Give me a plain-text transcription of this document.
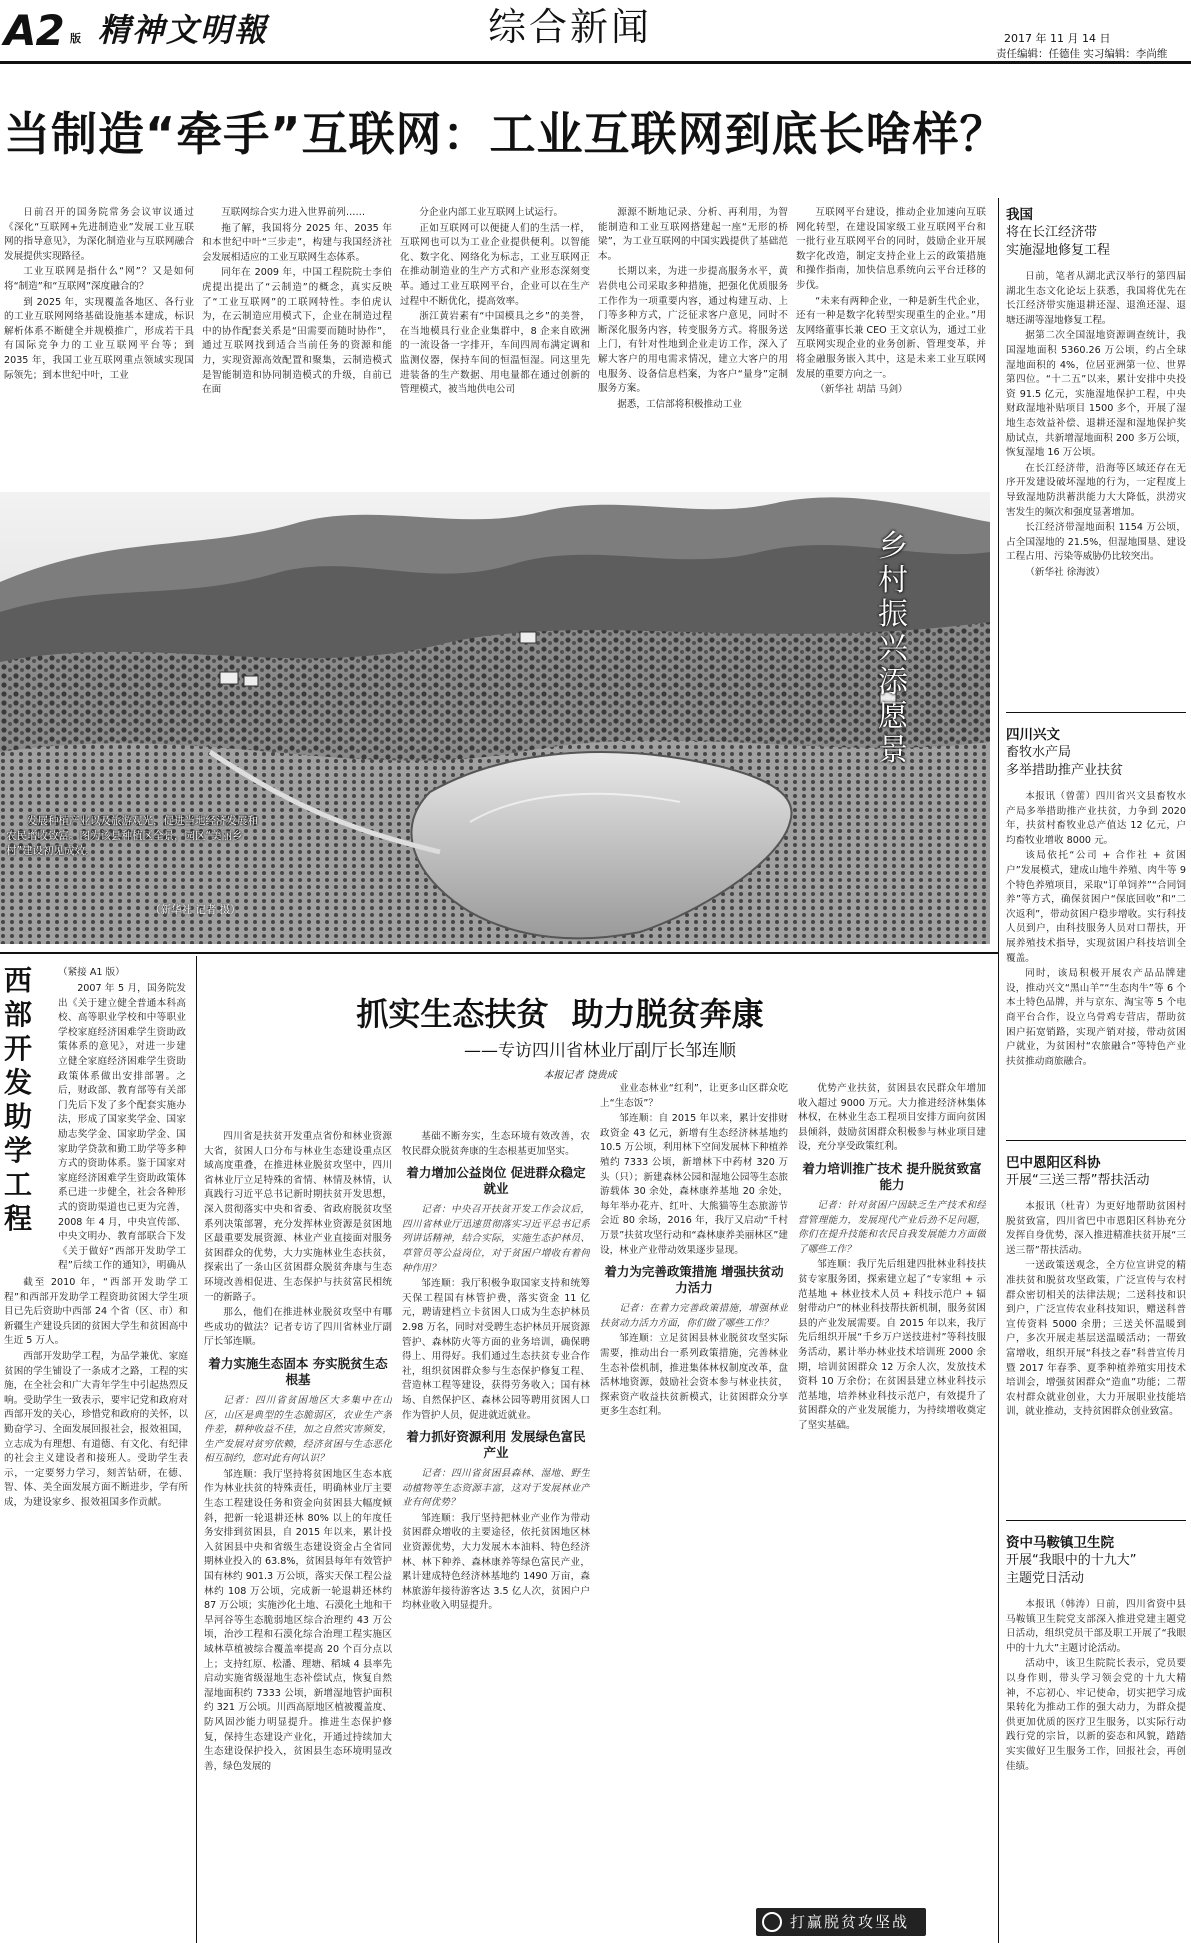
A2 版 精神文明報	综合新闻	2017 年 11 月 14 日
责任编辑：任德佳 实习编辑：李尚维
当制造“牵手”互联网：工业互联网到底长啥样？

日前召开的国务院常务会议审议通过《深化“互联网+先进制造业”发展工业互联网的指导意见》，为深化制造业与互联网融合发展提供实现路径。

工业互联网是指什么“网”？又是如何将“制造”和“互联网”深度融合的？

到 2025 年，实现覆盖各地区、各行业的工业互联网网络基础设施基本建成，标识解析体系不断健全并规模推广，形成若干具有国际竞争力的工业互联网平台等；到 2035 年，我国工业互联网重点领域实现国际领先；到本世纪中叶，工业

互联网综合实力进入世界前列……

拖了解，我国将分 2025 年、2035 年和本世纪中叶“三步走”，构建与我国经济社会发展相适应的工业互联网生态体系。

同年在 2009 年，中国工程院院士李伯虎提出提出了“云制造”的概念，真实反映了“工业互联网”的工联网特性。李伯虎认为，在云制造应用模式下，企业在制造过程中的协作配套关系是“田需要而随时协作”，通过互联网找到适合当前任务的资源和能力，实现资源高效配置和聚集，云制造模式是智能制造和协同制造模式的升级，自前已在面

分企业内部工业互联网上试运行。

正如互联网可以便捷人们的生活一样，互联网也可以为工业企业提供便利。以智能化、数字化、网络化为标志，工业互联网正在推动制造业的生产方式和产业形态深刻变革。通过工业互联网平台，企业可以在生产过程中不断优化，提高效率。

浙江黄岩素有“中国模具之乡”的美誉，在当地模具行业企业集群中，8 企来自欧洲的一流设备一字排开，车间四周布满定调和监测仪器，保持车间的恒温恒湿。同这里先进装备的生产数据、用电量都在通过创新的管理模式，被当地供电公司

源源不断地记录、分析、再利用，为智能制造和工业互联网搭建起一座“无形的桥梁”，为工业互联网的中国实践提供了基础范本。

长期以来，为进一步提高服务水平，黄岩供电公司采取多种措施，把强化优质服务工作作为一项重要内容，通过构建互动、上门等多种方式，广泛征求客户意见，同时不断深化服务内容，转变服务方式。将服务送上门，有针对性地到企业走访工作，深入了解大客户的用电需求情况，建立大客户的用电服务、设备信息档案，为客户“量身”定制服务方案。

据悉，工信部将积极推动工业

互联网平台建设，推动企业加速向互联网化转型，在建设国家级工业互联网平台和一批行业互联网平台的同时，鼓励企业开展数字化改造，制定支持企业上云的政策措施和操作指南，加快信息系统向云平台迁移的步伐。

“未来有两种企业，一种是新生代企业，还有一种是数字化转型实现重生的企业。”用友网络董事长兼 CEO 王文京认为，通过工业互联网实现企业的业务创新、管理变革，并将金融服务嵌入其中，这是未来工业互联网发展的重要方向之一。

（新华社 胡喆 马剑）

乡村振兴添愿景
发展种植产业以及旅游观光，促进当地经济发展和农民增收致富。图为该县种植区全景，园区“美丽乡村”建设初见成效。
（新华社 记者 摄）
西部开发助学工程
（紧接 A1 版）

2007 年 5 月，国务院发出《关于建立健全普通本科高校、高等职业学校和中等职业学校家庭经济困难学生资助政策体系的意见》，对进一步建立健全家庭经济困难学生资助政策体系做出安排部署。之后，财政部、教育部等有关部门先后下发了多个配套实施办法，形成了国家奖学金、国家励志奖学金、国家助学金、国家助学贷款和勤工助学等多种方式的资助体系。鉴于国家对家庭经济困难学生资助政策体系已进一步健全，社会各种形式的资助渠道也已更为完善，2008 年 4 月，中央宣传部、中央文明办、教育部联合下发《关于做好“西部开发助学工程”后续工作的通知》，明确从

截至 2010 年，“西部开发助学工程”和西部开发助学工程资助贫困大学生项目已先后资助中西部 24 个省（区、市）和新疆生产建设兵团的贫困大学生和贫困高中生近 5 万人。

西部开发助学工程，为品学兼优、家庭贫困的学生铺设了一条成才之路，工程的实施，在全社会和广大青年学生中引起热烈反响。受助学生一致表示，要牢记党和政府对西部开发的关心，珍惜党和政府的关怀，以勤奋学习、全面发展回报社会，报效祖国，立志成为有理想、有道德、有文化、有纪律的社会主义建设者和接班人。受助学生表示，一定要努力学习，刻苦钻研，在德、智、体、美全面发展方面不断进步，学有所成，为建设家乡、报效祖国多作贡献。

抓实生态扶贫 助力脱贫奔康
——专访四川省林业厅副厅长邹连顺
本报记者 饶贵成

四川省是扶贫开发重点省份和林业资源大省，贫困人口分布与林业生态建设重点区域高度重叠，在推进林业脱贫攻坚中，四川省林业厅立足特殊的省情、林情及林情，认真践行习近平总书记新时期扶贫开发思想，深入贯彻落实中央和省委、省政府脱贫攻坚系列决策部署，充分发挥林业资源是贫困地区最重要发展资源、林业产业直接面对服务贫困群众的优势，大力实施林业生态扶贫，探索出了一条山区贫困群众脱贫奔康与生态环境改善相促进、生态保护与扶贫富民相统一的新路子。

那么，他们在推进林业脱贫攻坚中有哪些成功的做法？记者专访了四川省林业厅副厅长邹连顺。

着力实施生态固本 夯实脱贫生态根基

记者：四川省贫困地区大多集中在山区，山区是典型的生态脆弱区，农业生产条件差，耕种收益不佳，加之自然灾害频发，生产发展对贫穷依赖，经济贫困与生态恶化相互制约，您对此有何认识？

邹连顺：我厅坚持将贫困地区生态本底作为林业扶贫的特殊责任，明确林业厅主要生态工程建设任务和资金向贫困县大幅度倾斜，把新一轮退耕还林 80% 以上的年度任务安排到贫困县，自 2015 年以来，累计投入贫困县中央和省级生态建设资金占全省同期林业投入的 63.8%，贫困县每年有效管护国有林约 901.3 万公顷，落实天保工程公益林约 108 万公顷，完成新一轮退耕还林约 87 万公顷；实施沙化土地、石漠化土地和干旱河谷等生态脆弱地区综合治理约 43 万公顷，治沙工程和石漠化综合治理工程实施区域林草植被综合覆盖率提高 20 个百分点以上；支持红原、松潘、理塘、稻城 4 县率先启动实施省级湿地生态补偿试点，恢复自然湿地面积约 7333 公顷，新增湿地管护面积约 321 万公顷。川西高原地区植被覆盖度、防风固沙能力明显提升。推进生态保护修复，保持生态建设产业化，开通过持续加大生态建设保护投入，贫困县生态环境明显改善，绿色发展的

基础不断夯实，生态环境有效改善，农牧民群众脱贫奔康的生态根基更加坚实。

着力增加公益岗位 促进群众稳定就业

记者：中央召开扶贫开发工作会议后，四川省林业厅迅速贯彻落实习近平总书记系列讲话精神，结合实际，实施生态护林员、草管员等公益岗位，对于贫困户增收有着何种作用？

邹连顺：我厅积极争取国家支持和统筹天保工程国有林管护费，落实资金 11 亿元，聘请建档立卡贫困人口成为生态护林员 2.98 万名，同时对受聘生态护林员开展资源管护、森林防火等方面的业务培训，确保聘得上、用得好。我们通过生态扶贫专业合作社，组织贫困群众参与生态保护修复工程、营造林工程等建设，获得劳务收入；国有林场、自然保护区、森林公园等聘用贫困人口作为管护人员，促进就近就业。

着力抓好资源利用 发展绿色富民产业

记者：四川省贫困县森林、湿地、野生动植物等生态资源丰富，这对于发展林业产业有何优势？

邹连顺：我厅坚持把林业产业作为带动贫困群众增收的主要途径，依托贫困地区林业资源优势，大力发展木本油料、特色经济林、林下种养、森林康养等绿色富民产业，累计建成特色经济林基地约 1490 万亩，森林旅游年接待游客达 3.5 亿人次，贫困户户均林业收入明显提升。

业业态林业“红利”，让更多山区群众吃上“生态饭”？

邹连顺：自 2015 年以来，累计安排财政资金 43 亿元，新增有生态经济林基地约 10.5 万公顷，利用林下空间发展林下种植养殖约 7333 公顷，新增林下中药材 320 万头（只）；新建森林公园和湿地公园等生态旅游载体 30 余处，森林康养基地 20 余处，每年举办花卉、红叶、大熊猫等生态旅游节会近 80 余场，2016 年，我厅又启动“千村万景”扶贫攻坚行动和“森林康养美丽林区”建设，林业产业带动效果逐步显现。

着力为完善政策措施 增强扶贫动力活力

记者：在着力完善政策措施，增强林业扶贫动力活力方面，你们做了哪些工作？

邹连顺：立足贫困县林业脱贫攻坚实际需要，推动出台一系列政策措施，完善林业生态补偿机制，推进集体林权制度改革，盘活林地资源，鼓励社会资本参与林业扶贫，探索资产收益扶贫新模式，让贫困群众分享更多生态红利。

优势产业扶贫，贫困县农民群众年增加收入超过 9000 万元。大力推进经济林集体林权，在林业生态工程项目安排方面向贫困县倾斜，鼓励贫困群众积极参与林业项目建设，充分享受政策红利。

着力培训推广技术 提升脱贫致富能力

记者：针对贫困户因缺乏生产技术和经营管理能力，发展现代产业后劲不足问题，你们在提升技能和农民自我发展能力方面做了哪些工作？

邹连顺：我厅先后组建四批林业科技扶贫专家服务团，探索建立起了“专家组 + 示范基地 + 林业技术人员 + 科技示范户 + 辐射带动户”的林业科技帮扶新机制，服务贫困县的产业发展需要。自 2015 年以来，我厅先后组织开展“千乡万户送技进村”等科技服务活动，累计举办林业技术培训班 2000 余期，培训贫困群众 12 万余人次，发放技术资料 10 万余份；在贫困县建立林业科技示范基地，培养林业科技示范户，有效提升了贫困群众的产业发展能力，为持续增收奠定了坚实基础。

打赢脱贫攻坚战
我国
将在长江经济带
实施湿地修复工程

日前，笔者从湖北武汉举行的第四届湖北生态文化论坛上获悉，我国将优先在长江经济带实施退耕还湿、退渔还湿、退塘还湖等湿地修复工程。

据第二次全国湿地资源调查统计，我国湿地面积 5360.26 万公顷，约占全球湿地面积的 4%，位居亚洲第一位、世界第四位。“十二五”以来，累计安排中央投资 91.5 亿元，实施湿地保护工程，中央财政湿地补贴项目 1500 多个，开展了湿地生态效益补偿、退耕还湿和湿地保护奖励试点，共新增湿地面积 200 多万公顷，恢复湿地 16 万公顷。

在长江经济带，沿海等区域还存在无序开发建设破坏湿地的行为，一定程度上导致湿地防洪蓄洪能力大大降低，洪涝灾害发生的频次和强度显著增加。

长江经济带湿地面积 1154 万公顷，占全国湿地的 21.5%，但湿地围垦、建设工程占用、污染等威胁仍比较突出。

（新华社 徐海波）

四川兴文
畜牧水产局
多举措助推产业扶贫

本报讯（曾蕾）四川省兴文县畜牧水产局多举措助推产业扶贫，力争到 2020 年，扶贫村畜牧业总产值达 12 亿元，户均畜牧业增收 8000 元。

该局依托“公司 + 合作社 + 贫困户”发展模式，建成山地牛养殖、肉牛等 9 个特色养殖项目，采取“订单饲养”“合同饲养”等方式，确保贫困户“保底回收”和“二次返利”，带动贫困户稳步增收。实行科技人员到户，由科技服务人员对口帮扶，开展养殖技术指导，实现贫困户科技培训全覆盖。

同时，该局积极开展农产品品牌建设，推动兴文“黑山羊”“生态肉牛”等 6 个本土特色品牌，并与京东、淘宝等 5 个电商平台合作，设立乌骨鸡专营店，帮助贫困户拓宽销路，实现产销对接，带动贫困户就业，为贫困村“农旅融合”等特色产业扶贫推动商旅融合。

巴中恩阳区科协
开展“三送三帮”帮扶活动

本报讯（杜青）为更好地帮助贫困村脱贫致富，四川省巴中市恩阳区科协充分发挥自身优势，深入推进精准扶贫开展“三送三帮”帮扶活动。

一送政策送观念，全方位宣讲党的精准扶贫和脱贫攻坚政策，广泛宣传与农村群众密切相关的法律法规；二送科技和识到户，广泛宣传农业科技知识，赠送科普宣传资料 5000 余册；三送关怀温暖到户，多次开展走基层送温暖活动；一帮致富增收，组织开展“科技之春”科普宣传月暨 2017 年春季、夏季种植养殖实用技术培训会，增强贫困群众“造血”功能；二帮农村群众就业创业，大力开展职业技能培训，就业推动，支持贫困群众创业致富。

资中马鞍镇卫生院
开展“我眼中的十九大”
主题党日活动

本报讯（韩涛）日前，四川省资中县马鞍镇卫生院党支部深入推进党建主题党日活动，组织党员干部及职工开展了“我眼中的十九大”主题讨论活动。

活动中，该卫生院院长表示，党员要以身作则，带头学习领会党的十九大精神，不忘初心、牢记使命，切实把学习成果转化为推动工作的强大动力，为群众提供更加优质的医疗卫生服务，以实际行动践行党的宗旨，以新的姿态和风貌，踏踏实实做好卫生服务工作，回报社会，再创佳绩。
